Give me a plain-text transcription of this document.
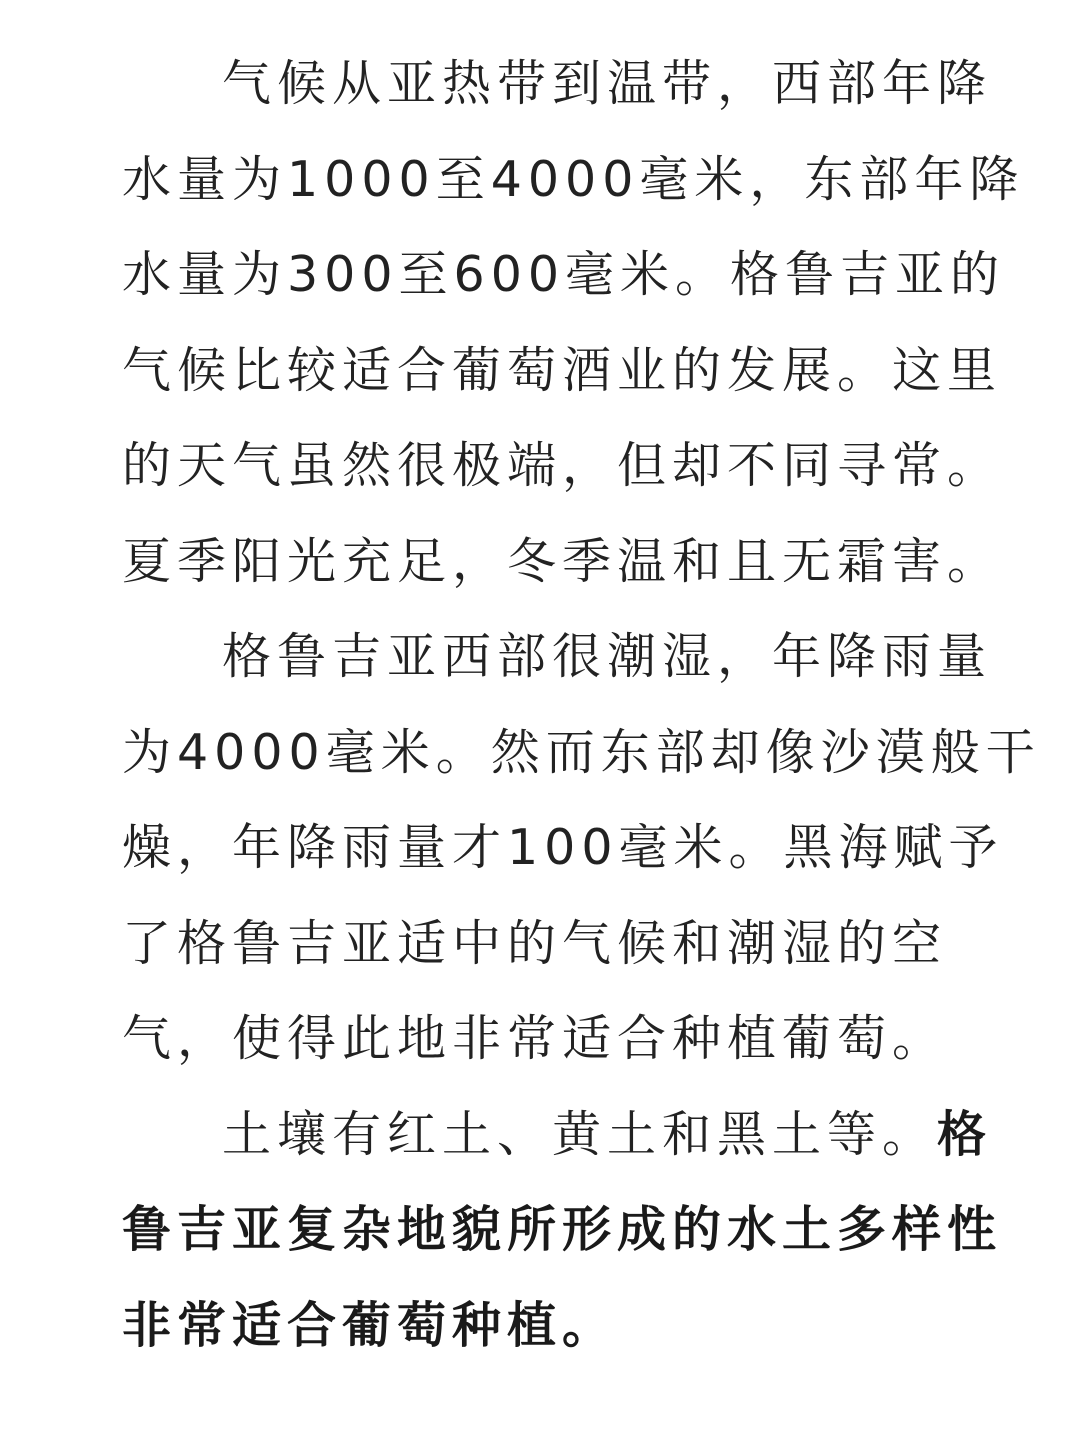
气候从亚热带到温带，西部年降
水量为1000至4000毫米，东部年降
水量为300至600毫米。格鲁吉亚的
气候比较适合葡萄酒业的发展。这里
的天气虽然很极端，但却不同寻常。
夏季阳光充足，冬季温和且无霜害。
格鲁吉亚西部很潮湿，年降雨量
为4000毫米。然而东部却像沙漠般干
燥，年降雨量才100毫米。黑海赋予
了格鲁吉亚适中的气候和潮湿的空
气，使得此地非常适合种植葡萄。
土壤有红土、黄土和黑土等。格
鲁吉亚复杂地貌所形成的水土多样性
非常适合葡萄种植。
